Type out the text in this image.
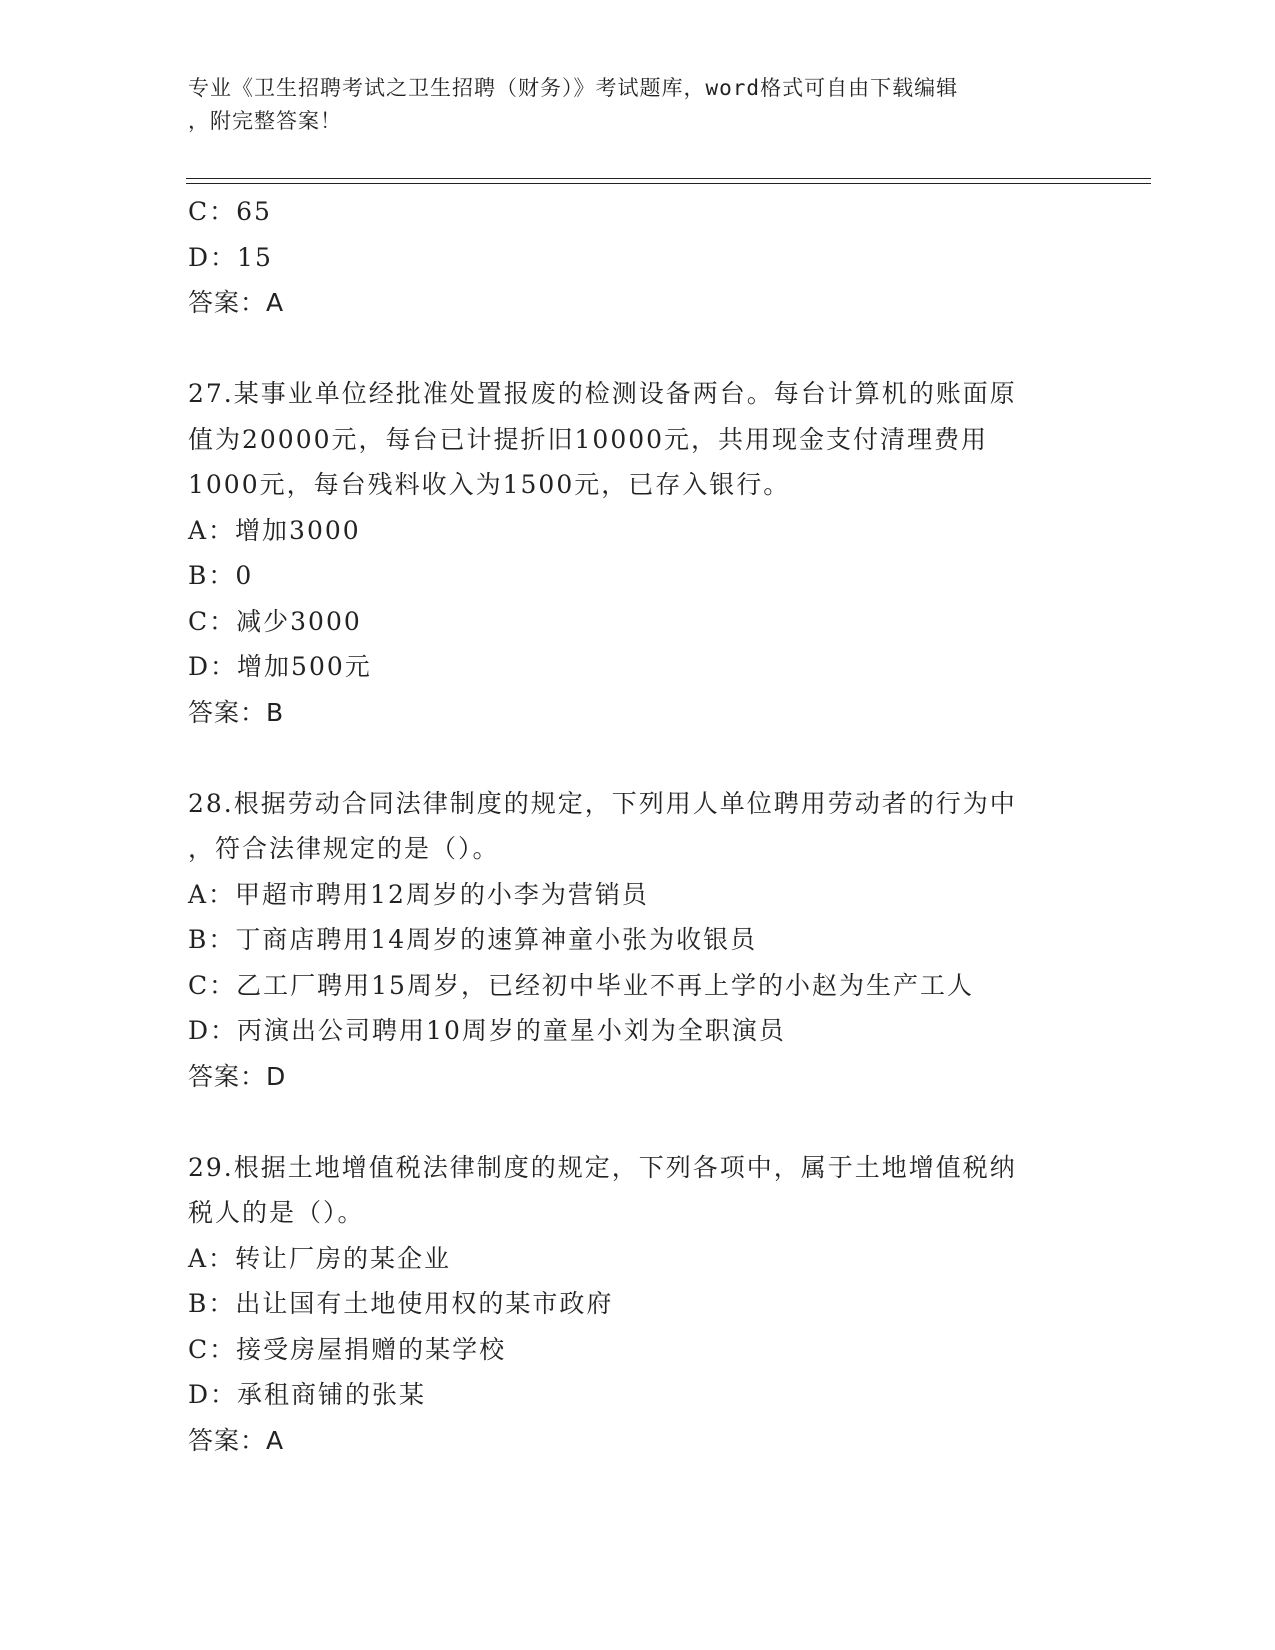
专业《卫生招聘考试之卫生招聘（财务）》考试题库，word格式可自由下载编辑
，附完整答案！
C：65
D：15
答案：A
27.某事业单位经批准处置报废的检测设备两台。每台计算机的账面原
值为20000元，每台已计提折旧10000元，共用现金支付清理费用
1000元，每台残料收入为1500元，已存入银行。
A：增加3000
B：0
C：减少3000
D：增加500元
答案：B
28.根据劳动合同法律制度的规定，下列用人单位聘用劳动者的行为中
，符合法律规定的是（）。
A：甲超市聘用12周岁的小李为营销员
B：丁商店聘用14周岁的速算神童小张为收银员
C：乙工厂聘用15周岁，已经初中毕业不再上学的小赵为生产工人
D：丙演出公司聘用10周岁的童星小刘为全职演员
答案：D
29.根据土地增值税法律制度的规定，下列各项中，属于土地增值税纳
税人的是（）。
A：转让厂房的某企业
B：出让国有土地使用权的某市政府
C：接受房屋捐赠的某学校
D：承租商铺的张某
答案：A
